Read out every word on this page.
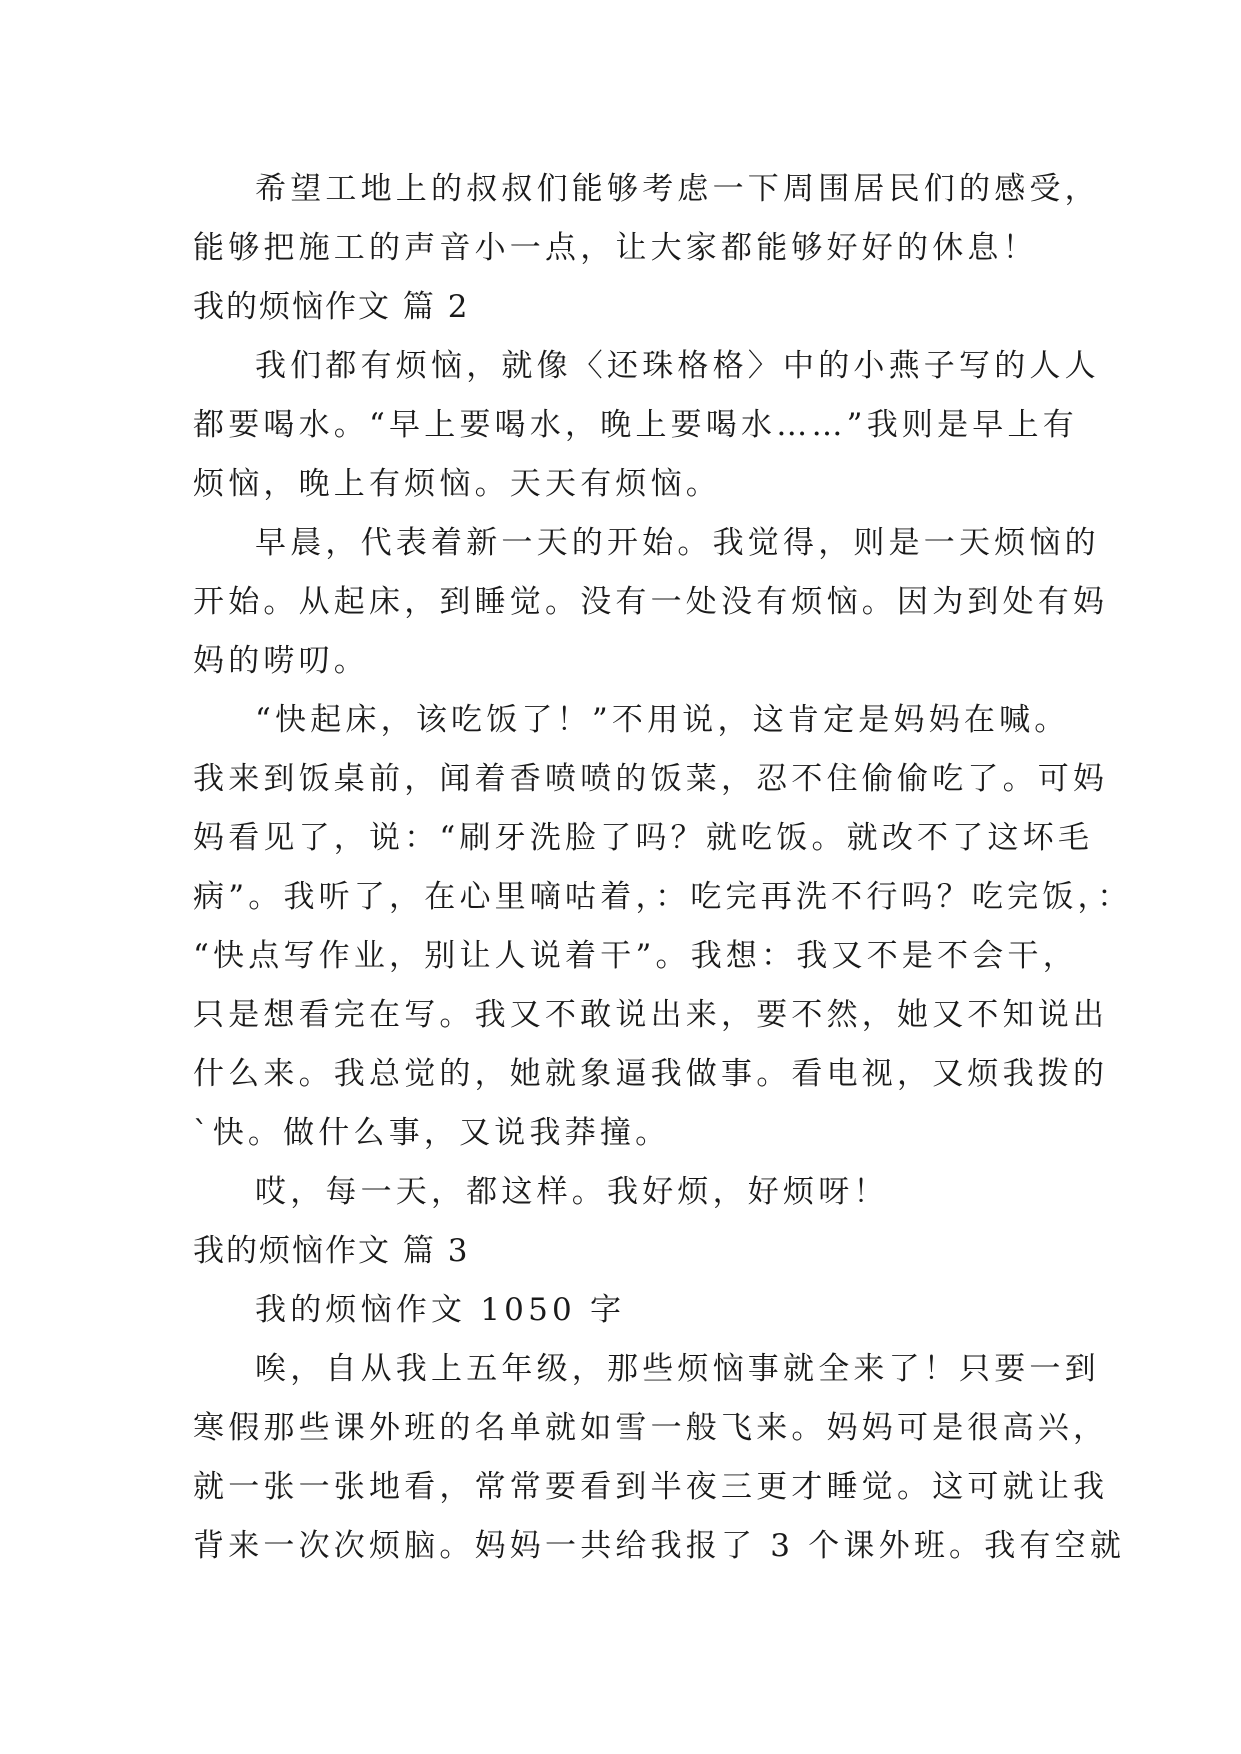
希望工地上的叔叔们能够考虑一下周围居民们的感受，
能够把施工的声音小一点，让大家都能够好好的休息！
我的烦恼作文 篇 2
我们都有烦恼，就像〈还珠格格〉中的小燕子写的人人
都要喝水。“早上要喝水，晚上要喝水……”我则是早上有
烦恼，晚上有烦恼。天天有烦恼。
早晨，代表着新一天的开始。我觉得，则是一天烦恼的
开始。从起床，到睡觉。没有一处没有烦恼。因为到处有妈
妈的唠叨。
“快起床，该吃饭了！”不用说，这肯定是妈妈在喊。
我来到饭桌前，闻着香喷喷的饭菜，忍不住偷偷吃了。可妈
妈看见了，说：“刷牙洗脸了吗？就吃饭。就改不了这坏毛
病”。我听了，在心里嘀咕着，：吃完再洗不行吗？吃完饭，：
“快点写作业，别让人说着干”。我想：我又不是不会干，
只是想看完在写。我又不敢说出来，要不然，她又不知说出
什么来。我总觉的，她就象逼我做事。看电视，又烦我拨的
`快。做什么事，又说我莽撞。
哎，每一天，都这样。我好烦，好烦呀！
我的烦恼作文 篇 3
我的烦恼作文 1050 字
唉，自从我上五年级，那些烦恼事就全来了！只要一到
寒假那些课外班的名单就如雪一般飞来。妈妈可是很高兴，
就一张一张地看，常常要看到半夜三更才睡觉。这可就让我
背来一次次烦脑。妈妈一共给我报了 3 个课外班。我有空就
